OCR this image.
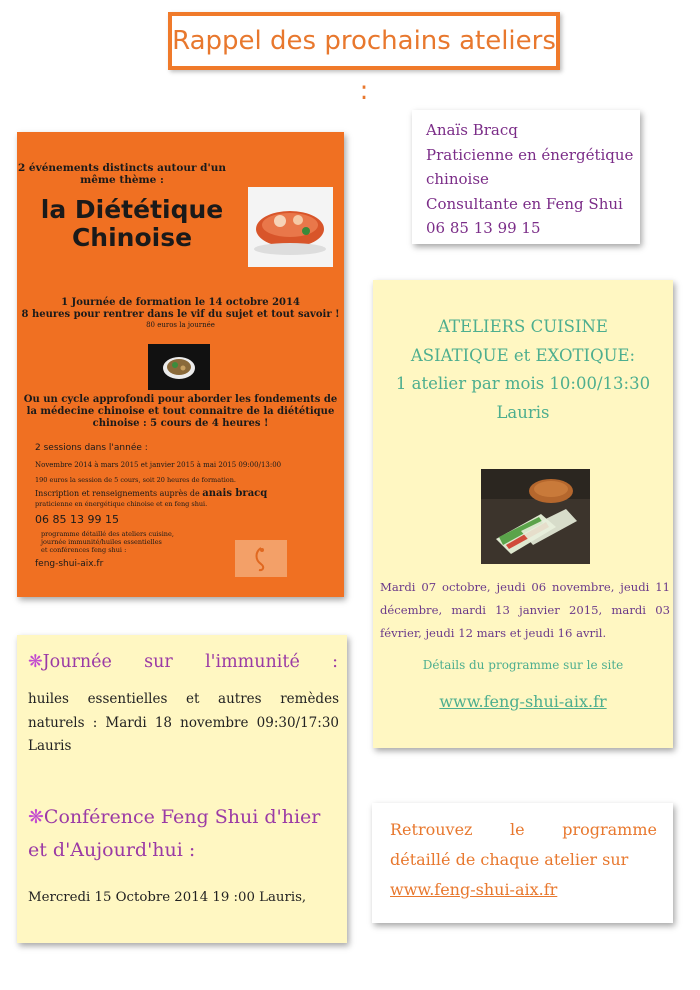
Rappel des prochains ateliers :
Anaïs Bracq
Praticienne en énergétique
chinoise
Consultante en Feng Shui
06 85 13 99 15
2 événements distincts autour d'un même thème :
la Diététique
Chinoise
1 Journée de formation le 14 octobre 2014
8 heures pour rentrer dans le vif du sujet et tout savoir !
80 euros la journée
Ou un cycle approfondi pour aborder les fondements de la médecine chinoise et tout connaitre de la diététique chinoise : 5 cours de 4 heures !
2 sessions dans l'année :
Novembre 2014 à mars 2015 et janvier 2015 à mai 2015 09:00/13:00
190 euros la session de 5 cours, soit 20 heures de formation.
Inscription et renseignements auprès de anais bracq
praticienne en énergétique chinoise et en feng shui.
06 85 13 99 15
programme détaillé des ateliers cuisine,
journée immunité/huiles essentielles
et conférences feng shui :
feng-shui-aix.fr
ATELIERS CUISINE
ASIATIQUE et EXOTIQUE:
1 atelier par mois 10:00/13:30
Lauris
Mardi 07 octobre, jeudi 06 novembre, jeudi 11 décembre, mardi 13 janvier 2015, mardi 03 février, jeudi 12 mars et jeudi 16 avril.
Détails du programme sur le site
www.feng-shui-aix.fr
❋Journée sur l'immunité :
huiles essentielles et autres remèdes naturels : Mardi 18 novembre 09:30/17:30 Lauris
❋Conférence Feng Shui d'hier et d'Aujourd'hui :
Mercredi 15 Octobre 2014 19 :00 Lauris,
Retrouvez le programme détaillé de chaque atelier sur
www.feng-shui-aix.fr
